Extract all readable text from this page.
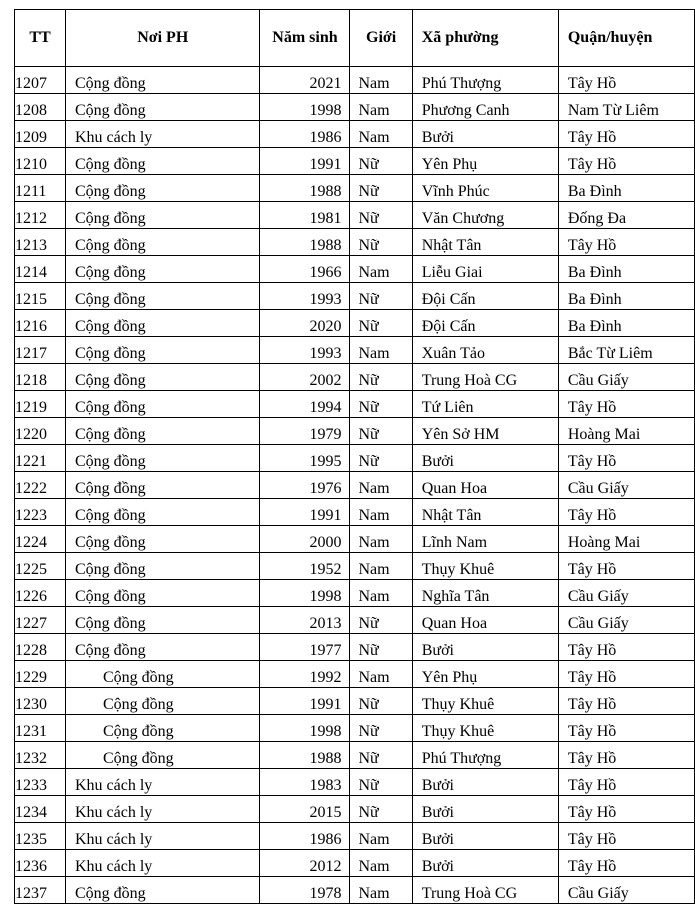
TT	Nơi PH	Năm sinh	Giới	Xã phường	Quận/huyện
1207	Cộng đồng	2021	Nam	Phú Thượng	Tây Hồ
1208	Cộng đồng	1998	Nam	Phương Canh	Nam Từ Liêm
1209	Khu cách ly	1986	Nam	Bưởi	Tây Hồ
1210	Cộng đồng	1991	Nữ	Yên Phụ	Tây Hồ
1211	Cộng đồng	1988	Nữ	Vĩnh Phúc	Ba Đình
1212	Cộng đồng	1981	Nữ	Văn Chương	Đống Đa
1213	Cộng đồng	1988	Nữ	Nhật Tân	Tây Hồ
1214	Cộng đồng	1966	Nam	Liễu Giai	Ba Đình
1215	Cộng đồng	1993	Nữ	Đội Cấn	Ba Đình
1216	Cộng đồng	2020	Nữ	Đội Cấn	Ba Đình
1217	Cộng đồng	1993	Nam	Xuân Tảo	Bắc Từ Liêm
1218	Cộng đồng	2002	Nữ	Trung Hoà CG	Cầu Giấy
1219	Cộng đồng	1994	Nữ	Tứ Liên	Tây Hồ
1220	Cộng đồng	1979	Nữ	Yên Sở HM	Hoàng Mai
1221	Cộng đồng	1995	Nữ	Bưởi	Tây Hồ
1222	Cộng đồng	1976	Nam	Quan Hoa	Cầu Giấy
1223	Cộng đồng	1991	Nam	Nhật Tân	Tây Hồ
1224	Cộng đồng	2000	Nam	Lĩnh Nam	Hoàng Mai
1225	Cộng đồng	1952	Nam	Thụy Khuê	Tây Hồ
1226	Cộng đồng	1998	Nam	Nghĩa Tân	Cầu Giấy
1227	Cộng đồng	2013	Nữ	Quan Hoa	Cầu Giấy
1228	Cộng đồng	1977	Nữ	Bưởi	Tây Hồ
1229	Cộng đồng	1992	Nam	Yên Phụ	Tây Hồ
1230	Cộng đồng	1991	Nữ	Thụy Khuê	Tây Hồ
1231	Cộng đồng	1998	Nữ	Thụy Khuê	Tây Hồ
1232	Cộng đồng	1988	Nữ	Phú Thượng	Tây Hồ
1233	Khu cách ly	1983	Nữ	Bưởi	Tây Hồ
1234	Khu cách ly	2015	Nữ	Bưởi	Tây Hồ
1235	Khu cách ly	1986	Nam	Bưởi	Tây Hồ
1236	Khu cách ly	2012	Nam	Bưởi	Tây Hồ
1237	Cộng đồng	1978	Nam	Trung Hoà CG	Cầu Giấy
